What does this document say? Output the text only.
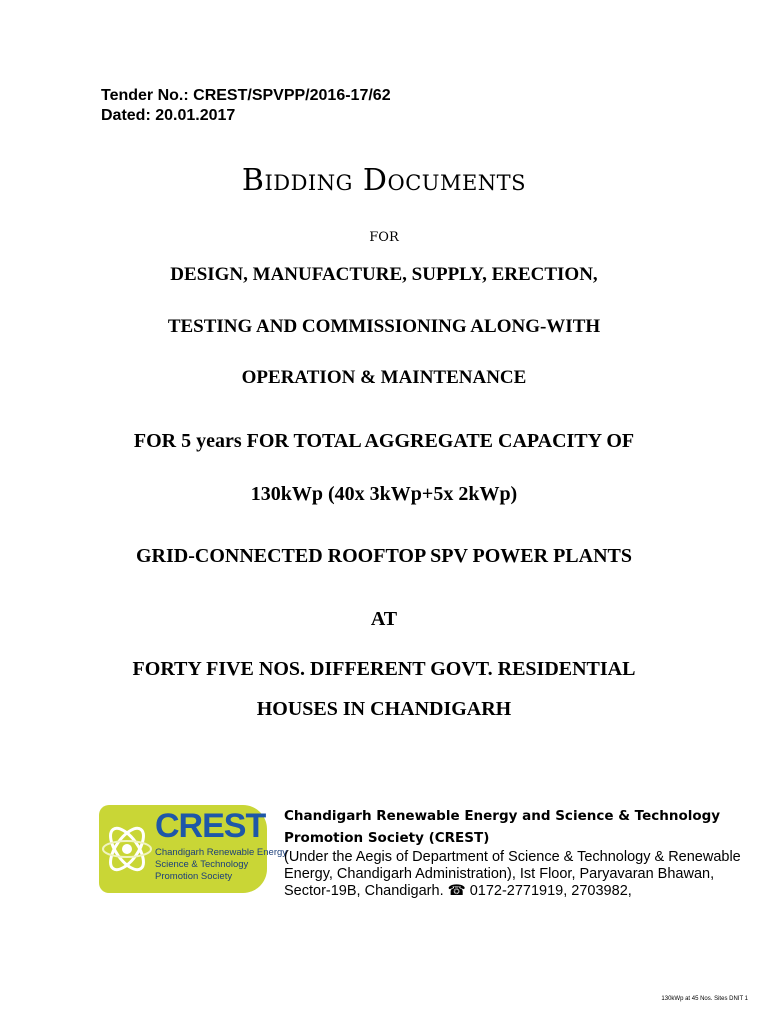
Tender No.: CREST/SPVPP/2016-17/62
Dated: 20.01.2017
Bidding Documents
for
DESIGN, MANUFACTURE, SUPPLY, ERECTION,
TESTING AND COMMISSIONING ALONG-WITH
OPERATION & MAINTENANCE
FOR 5 years FOR TOTAL AGGREGATE CAPACITY OF
130kWp (40x 3kWp+5x 2kWp)
GRID-CONNECTED ROOFTOP SPV POWER PLANTS
AT
FORTY FIVE NOS. DIFFERENT GOVT. RESIDENTIAL
HOUSES IN CHANDIGARH
CREST
Chandigarh Renewable Energy
Science & Technology
Promotion Society
Chandigarh Renewable Energy and Science & Technology
Promotion Society (CREST)
(Under the Aegis of Department of Science & Technology & Renewable
Energy, Chandigarh Administration), Ist Floor, Paryavaran Bhawan,
Sector-19B, Chandigarh. ☎ 0172-2771919, 2703982,
130kWp at 45 Nos. Sites DNIT 1
